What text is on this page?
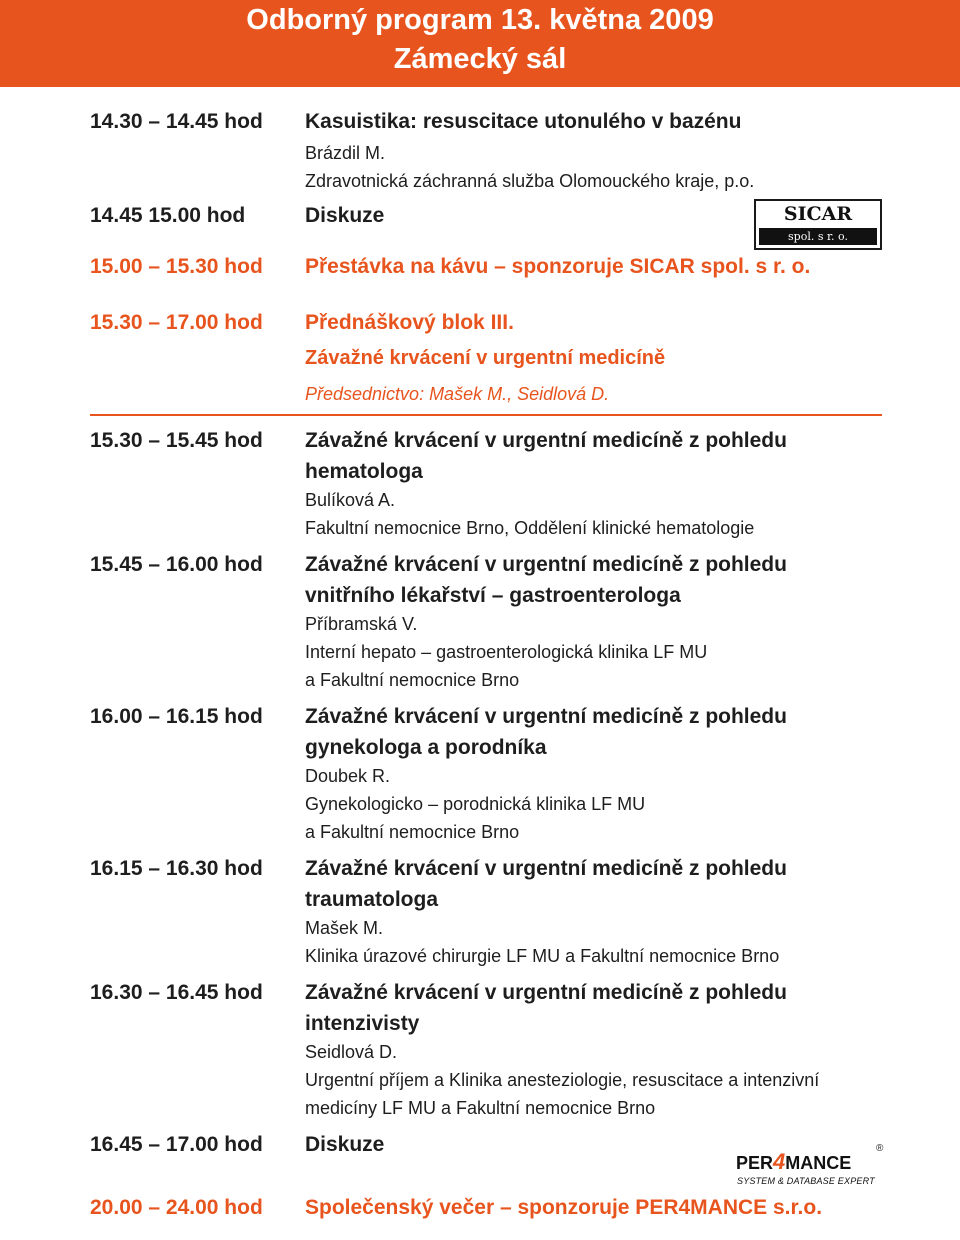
Odborný program 13. května 2009
Zámecký sál
14.30 – 14.45 hod Kasuistika: resuscitace utonulého v bazénu
Brázdil M.
Zdravotnická záchranná služba Olomouckého kraje, p.o.
14.45 15.00 hod	Diskuze	SICAR
spol. s r. o.
15.00 – 15.30 hod Přestávka na kávu – sponzoruje SICAR spol. s r. o.
15.30 – 17.00 hod Přednáškový blok III.
Závažné krvácení v urgentní medicíně
Předsednictvo: Mašek M., Seidlová D.
15.30 – 15.45 hod Závažné krvácení v urgentní medicíně z pohledu
hematologa
Bulíková A.
Fakultní nemocnice Brno, Oddělení klinické hematologie
15.45 – 16.00 hod Závažné krvácení v urgentní medicíně z pohledu
vnitřního lékařství – gastroenterologa
Příbramská V.
Interní hepato – gastroenterologická klinika LF MU
a Fakultní nemocnice Brno
16.00 – 16.15 hod Závažné krvácení v urgentní medicíně z pohledu
gynekologa a porodníka
Doubek R.
Gynekologicko – porodnická klinika LF MU
a Fakultní nemocnice Brno
16.15 – 16.30 hod Závažné krvácení v urgentní medicíně z pohledu
traumatologa
Mašek M.
Klinika úrazové chirurgie LF MU a Fakultní nemocnice Brno
16.30 – 16.45 hod Závažné krvácení v urgentní medicíně z pohledu
intenzivisty
Seidlová D.
Urgentní příjem a Klinika anesteziologie, resuscitace a intenzivní
medicíny LF MU a Fakultní nemocnice Brno
16.45 – 17.00 hod Diskuze
PER4MANCE
®
SYSTEM & DATABASE EXPERT
20.00 – 24.00 hod Společenský večer – sponzoruje PER4MANCE s.r.o.
